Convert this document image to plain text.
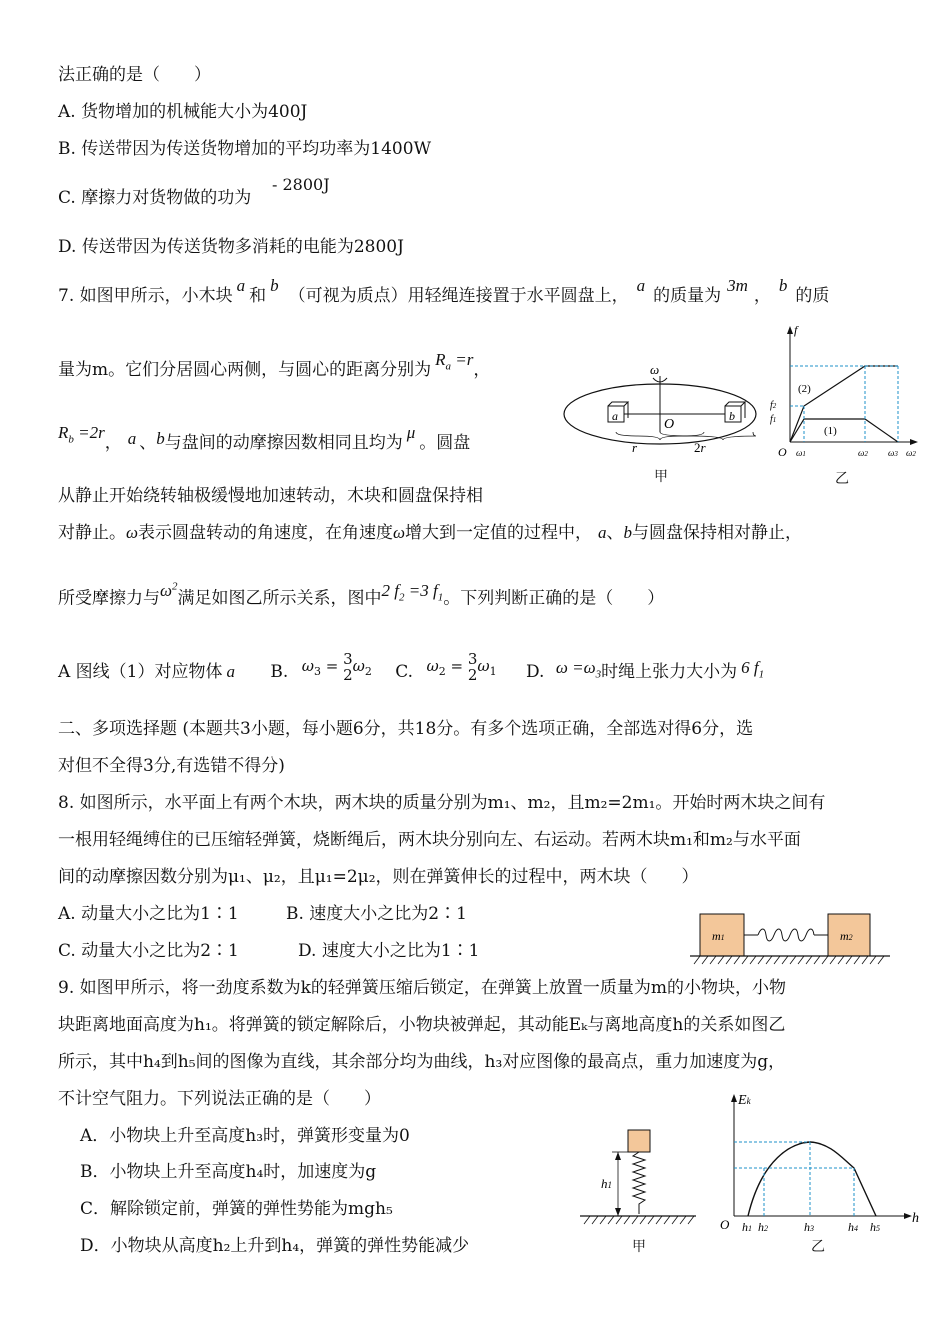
法正确的是（　　）
A. 货物增加的机械能大小为400J
B. 传送带因为传送货物增加的平均功率为1400W
C. 摩擦力对货物做的功为
- 2800J
D. 传送带因为传送货物多消耗的电能为2800J
7. 如图甲所示，小木块a和b（可视为质点）用轻绳连接置于水平圆盘上，a的质量为3m，b的质
量为m。它们分居圆心两侧，与圆心的距离分别为$R_a =r$，
$R_b =2r$， a 、b与盘间的动摩擦因数相同且均为μ。圆盘
从静止开始绕转轴极缓慢地加速转动，木块和圆盘保持相
对静止。ω表示圆盘转动的角速度，在角速度ω增大到一定值的过程中， a、b与圆盘保持相对静止，
所受摩擦力与$\omega^2$满足如图乙所示关系，图中2 $f_2 =3$ $f_1$。下列判断正确的是（　　）
A 图线（1）对应物体 a B. $\omega_3 = 3$
$2\omega_2$ C. $\omega_2 = 3$
$2\omega_1$ D. $\omega =\omega_3$时绳上张力大小为 6 $f_1$
ω
a	b
O
r	2r
甲
f
O
(2)
(1)
f2
f1
ω1	ω2 ω3 ω2
乙
二、多项选择题 (本题共3小题，每小题6分，共18分。有多个选项正确，全部选对得6分，选
对但不全得3分,有选错不得分)
8. 如图所示，水平面上有两个木块，两木块的质量分别为m₁、m₂，且m₂=2m₁。开始时两木块之间有
一根用轻绳缚住的已压缩轻弹簧，烧断绳后，两木块分别向左、右运动。若两木块m₁和m₂与水平面
间的动摩擦因数分别为μ₁、μ₂，且μ₁=2μ₂，则在弹簧伸长的过程中，两木块（　　）
A. 动量大小之比为1∶1	B. 速度大小之比为2∶1
C. 动量大小之比为2∶1	D. 速度大小之比为1∶1
m1	m2
9. 如图甲所示，将一劲度系数为k的轻弹簧压缩后锁定，在弹簧上放置一质量为m的小物块，小物
块距离地面高度为h₁。将弹簧的锁定解除后，小物块被弹起，其动能Eₖ与离地高度h的关系如图乙
所示，其中h₄到h₅间的图像为直线，其余部分均为曲线，h₃对应图像的最高点，重力加速度为g，
不计空气阻力。下列说法正确的是（　　）
A．小物块上升至高度h₃时，弹簧形变量为0
B．小物块上升至高度h₄时，加速度为g
C．解除锁定前，弹簧的弹性势能为mgh₅
D．小物块从高度h₂上升到h₄，弹簧的弹性势能减少
h1
甲
Ek
h
O h1 h2	h3	h4 h5
乙
